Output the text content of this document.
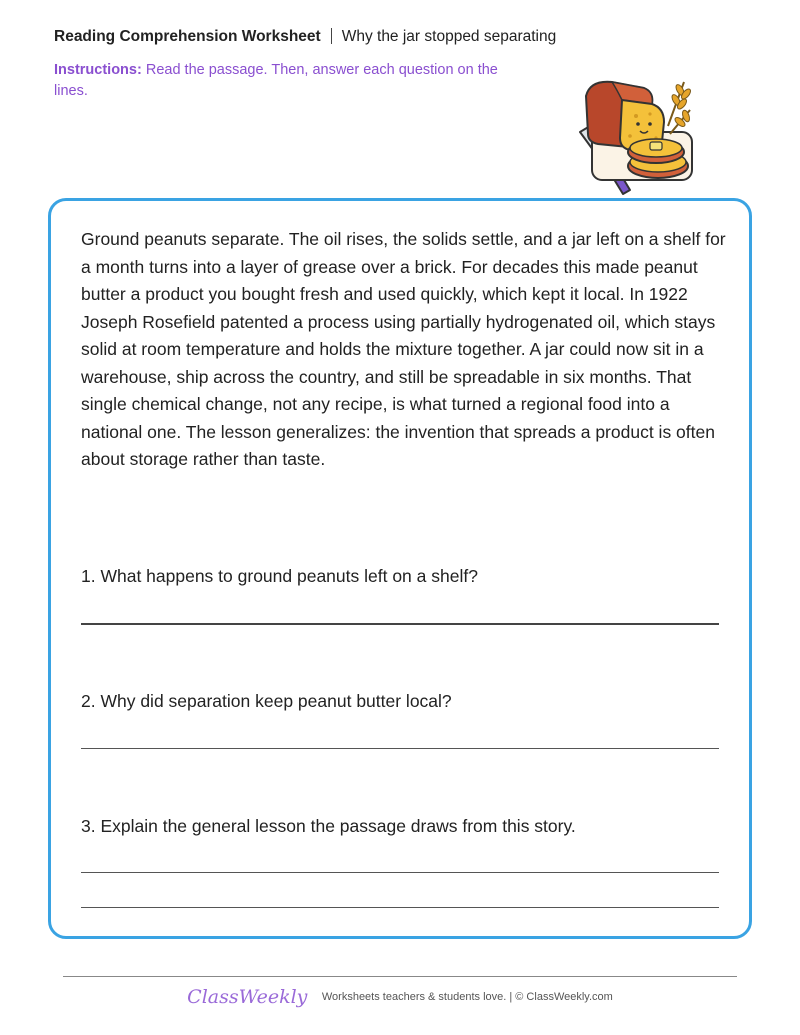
Reading Comprehension Worksheet Why the jar stopped separating
Instructions: Read the passage. Then, answer each question on the lines.

Ground peanuts separate. The oil rises, the solids settle, and a jar left on a shelf for a month turns into a layer of grease over a brick. For decades this made peanut butter a product you bought fresh and used quickly, which kept it local. In 1922 Joseph Rosefield patented a process using partially hydrogenated oil, which stays solid at room temperature and holds the mixture together. A jar could now sit in a warehouse, ship across the country, and still be spreadable in six months. That single chemical change, not any recipe, is what turned a regional food into a national one. The lesson generalizes: the invention that spreads a product is often about storage rather than taste.

1. What happens to ground peanuts left on a shelf?
2. Why did separation keep peanut butter local?
3. Explain the general lesson the passage draws from this story.
ClassWeekly Worksheets teachers & students love. | © ClassWeekly.com
